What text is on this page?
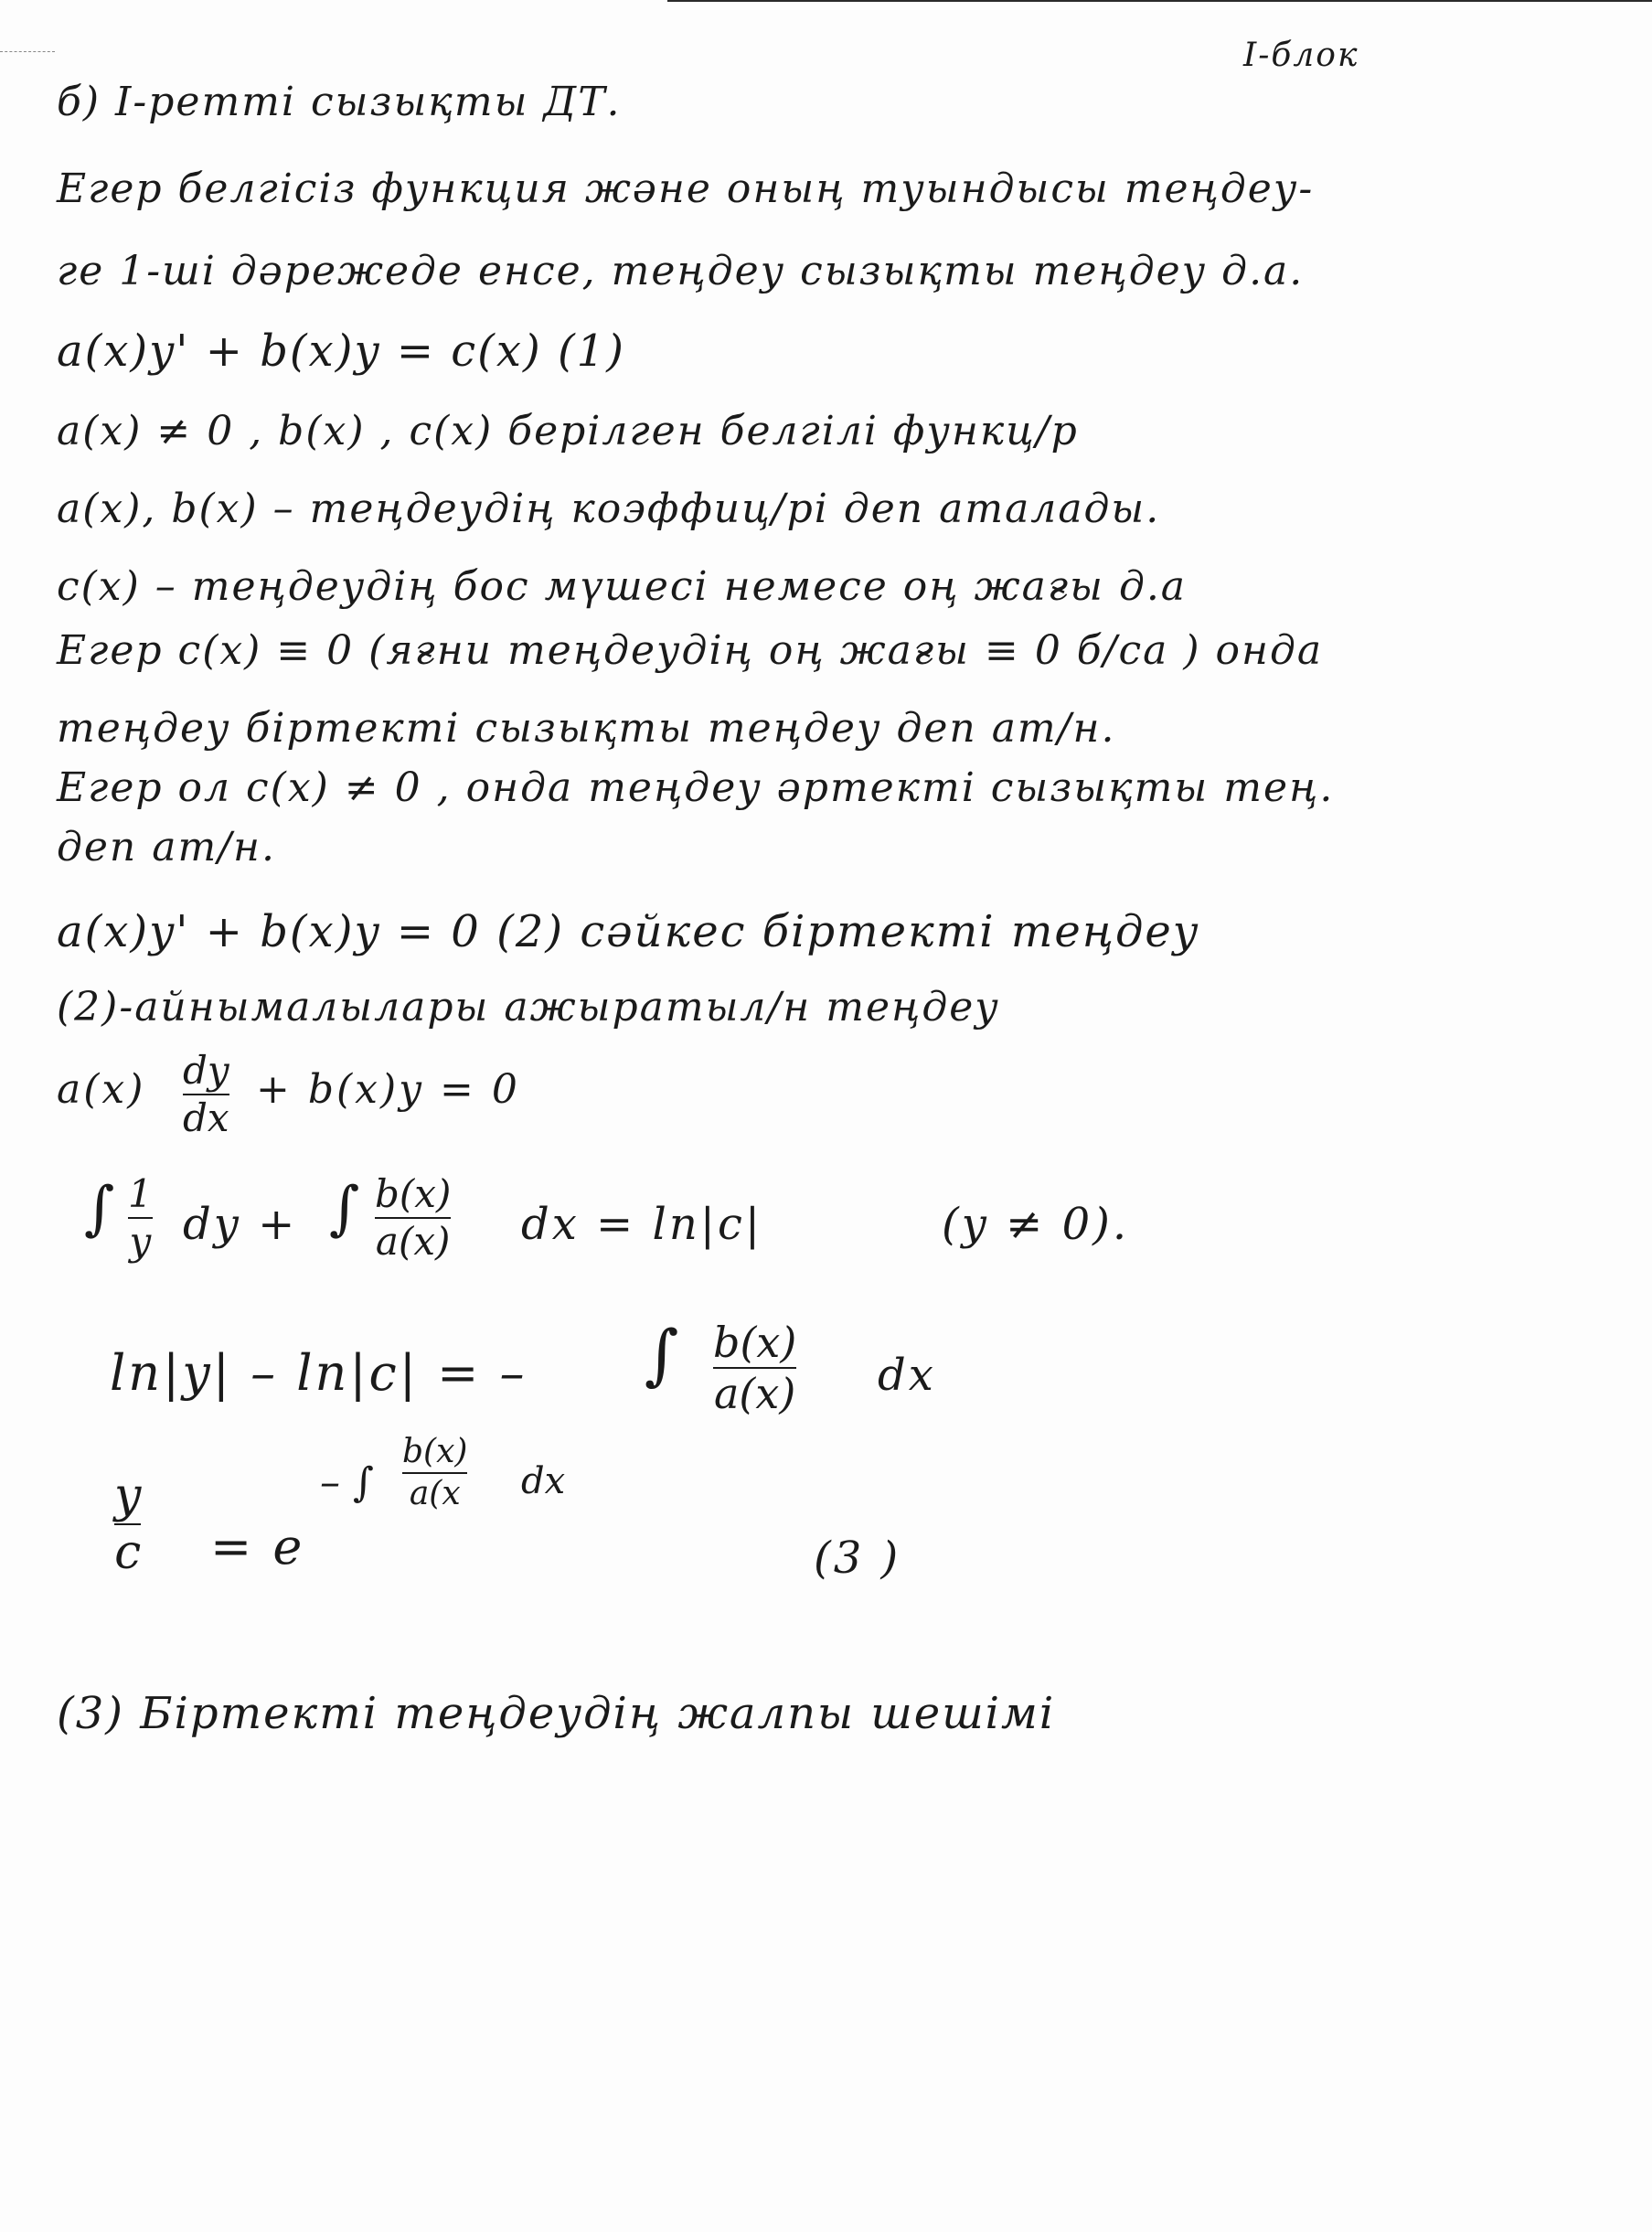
I-блок
б) I-ретті сызықты ДТ.
Егер белгісіз функция және оның туындысы теңдеу-
ге 1-ші дәрежеде енсе, теңдеу сызықты теңдеу д.а.
a(x)y' + b(x)y = c(x) (1)
a(x) ≠ 0 , b(x) , c(x) берілген белгілі функц/р
a(x), b(x) – теңдеудің коэффиц/рі деп аталады.
c(x) – теңдеудің бос мүшесі немесе оң жағы д.а
Егер c(x) ≡ 0 (яғни теңдеудің оң жағы ≡ 0 б/са ) онда
теңдеу біртекті сызықты теңдеу деп ат/н.
Егер ол c(x) ≠ 0 , онда теңдеу әртекті сызықты тең.
деп ат/н.
a(x)y' + b(x)y = 0 (2) сәйкес біртекті теңдеу
(2)-айнымалылары ажыратыл/н теңдеу
a(x) dy
dx
+ b(x)y = 0
∫ 1
y dy + ∫ b(x)
a(x) dx = ln|c|	(y ≠ 0).
ln|y| – ln|c| = – ∫ b(x)
a(x) dx
y
c = e
– ∫
b(x)
a(x dx
(3 )
(3) Біртекті теңдеудің жалпы шешімі
